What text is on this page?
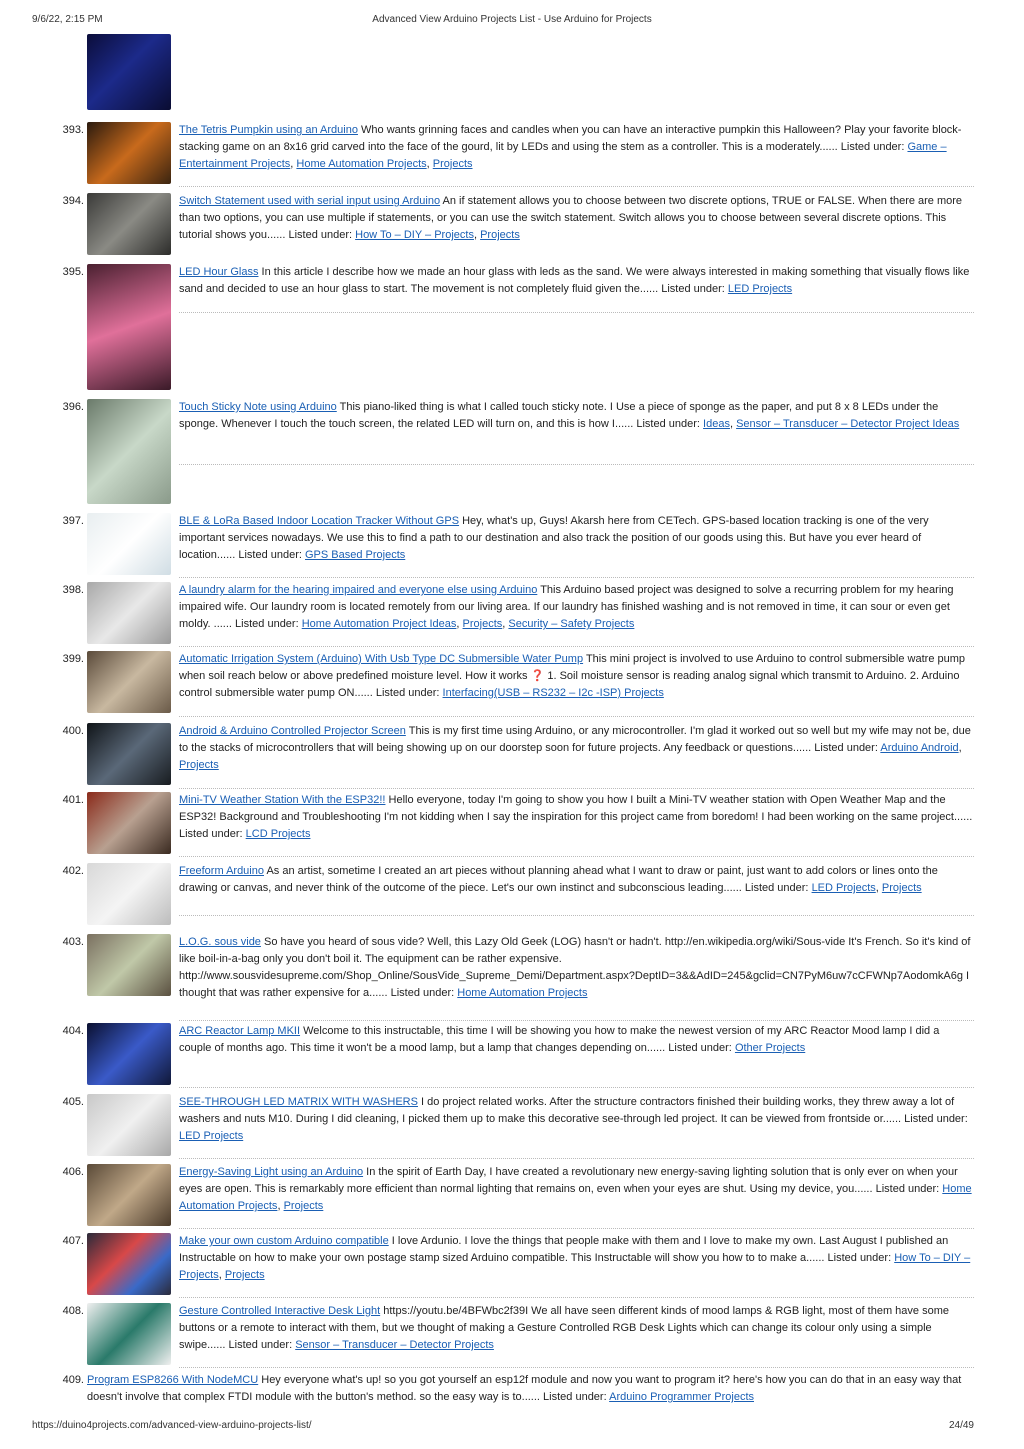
9/6/22, 2:15 PM	Advanced View Arduino Projects List - Use Arduino for Projects
393.	The Tetris Pumpkin using an Arduino Who wants grinning faces and candles when you can have an interactive pumpkin this Halloween? Play your favorite block-stacking game on an 8x16 grid carved into the face of the gourd, lit by LEDs and using the stem as a controller. This is a moderately...... Listed under: Game – Entertainment Projects, Home Automation Projects, Projects
394.	Switch Statement used with serial input using Arduino An if statement allows you to choose between two discrete options, TRUE or FALSE. When there are more than two options, you can use multiple if statements, or you can use the switch statement. Switch allows you to choose between several discrete options. This tutorial shows you...... Listed under: How To – DIY – Projects, Projects
395.	LED Hour Glass In this article I describe how we made an hour glass with leds as the sand. We were always interested in making something that visually flows like sand and decided to use an hour glass to start. The movement is not completely fluid given the...... Listed under: LED Projects
396.	Touch Sticky Note using Arduino This piano-liked thing is what I called touch sticky note. I Use a piece of sponge as the paper, and put 8 x 8 LEDs under the sponge. Whenever I touch the touch screen, the related LED will turn on, and this is how I...... Listed under: Ideas, Sensor – Transducer – Detector Project Ideas
397.	BLE & LoRa Based Indoor Location Tracker Without GPS Hey, what's up, Guys! Akarsh here from CETech. GPS-based location tracking is one of the very important services nowadays. We use this to find a path to our destination and also track the position of our goods using this. But have you ever heard of location...... Listed under: GPS Based Projects
398.	A laundry alarm for the hearing impaired and everyone else using Arduino This Arduino based project was designed to solve a recurring problem for my hearing impaired wife. Our laundry room is located remotely from our living area. If our laundry has finished washing and is not removed in time, it can sour or even get moldy. ...... Listed under: Home Automation Project Ideas, Projects, Security – Safety Projects
399.	Automatic Irrigation System (Arduino) With Usb Type DC Submersible Water Pump This mini project is involved to use Arduino to control submersible watre pump when soil reach below or above predefined moisture level. How it works ❓ 1. Soil moisture sensor is reading analog signal which transmit to Arduino. 2. Arduino control submersible water pump ON...... Listed under: Interfacing(USB – RS232 – I2c -ISP) Projects
400.	Android & Arduino Controlled Projector Screen This is my first time using Arduino, or any microcontroller. I'm glad it worked out so well but my wife may not be, due to the stacks of microcontrollers that will being showing up on our doorstep soon for future projects. Any feedback or questions...... Listed under: Arduino Android, Projects
401.	Mini-TV Weather Station With the ESP32!! Hello everyone, today I'm going to show you how I built a Mini-TV weather station with Open Weather Map and the ESP32! Background and Troubleshooting I'm not kidding when I say the inspiration for this project came from boredom! I had been working on the same project...... Listed under: LCD Projects
402.	Freeform Arduino As an artist, sometime I created an art pieces without planning ahead what I want to draw or paint, just want to add colors or lines onto the drawing or canvas, and never think of the outcome of the piece. Let's our own instinct and subconscious leading...... Listed under: LED Projects, Projects
403.	L.O.G. sous vide So have you heard of sous vide? Well, this Lazy Old Geek (LOG) hasn't or hadn't. http://en.wikipedia.org/wiki/Sous-vide It's French. So it's kind of like boil-in-a-bag only you don't boil it. The equipment can be rather expensive. http://www.sousvidesupreme.com/Shop_Online/SousVide_Supreme_Demi/Department.aspx?DeptID=3&&AdID=245&gclid=CN7PyM6uw7cCFWNp7AodomkA6g I thought that was rather expensive for a...... Listed under: Home Automation Projects
404.	ARC Reactor Lamp MKII Welcome to this instructable, this time I will be showing you how to make the newest version of my ARC Reactor Mood lamp I did a couple of months ago. This time it won't be a mood lamp, but a lamp that changes depending on...... Listed under: Other Projects
405.	SEE-THROUGH LED MATRIX WITH WASHERS I do project related works. After the structure contractors finished their building works, they threw away a lot of washers and nuts M10. During I did cleaning, I picked them up to make this decorative see-through led project. It can be viewed from frontside or...... Listed under: LED Projects
406.	Energy-Saving Light using an Arduino In the spirit of Earth Day, I have created a revolutionary new energy-saving lighting solution that is only ever on when your eyes are open. This is remarkably more efficient than normal lighting that remains on, even when your eyes are shut. Using my device, you...... Listed under: Home Automation Projects, Projects
407.	Make your own custom Arduino compatible I love Ardunio. I love the things that people make with them and I love to make my own. Last August I published an Instructable on how to make your own postage stamp sized Arduino compatible. This Instructable will show you how to to make a...... Listed under: How To – DIY – Projects, Projects
408.	Gesture Controlled Interactive Desk Light https://youtu.be/4BFWbc2f39I We all have seen different kinds of mood lamps & RGB light, most of them have some buttons or a remote to interact with them, but we thought of making a Gesture Controlled RGB Desk Lights which can change its colour only using a simple swipe...... Listed under: Sensor – Transducer – Detector Projects
409. Program ESP8266 With NodeMCU Hey everyone what's up! so you got yourself an esp12f module and now you want to program it? here's how you can do that in an easy way that doesn't involve that complex FTDI module with the button's method. so the easy way is to...... Listed under: Arduino Programmer Projects
https://duino4projects.com/advanced-view-arduino-projects-list/	24/49
